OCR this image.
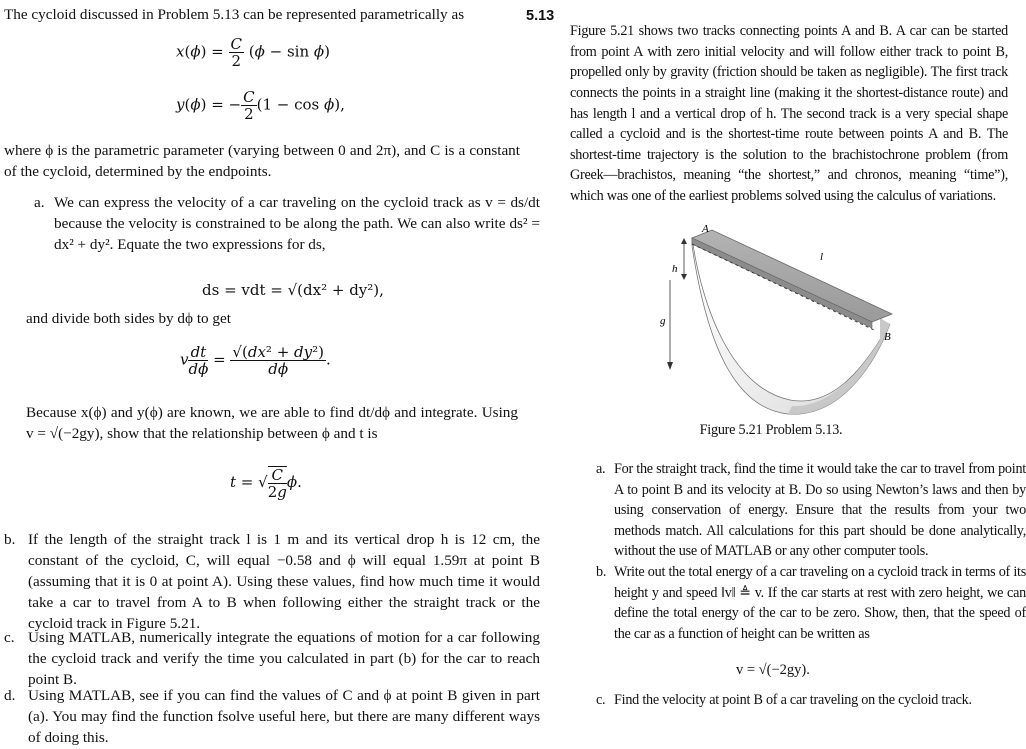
The cycloid discussed in Problem 5.13 can be represented parametrically as

$x(\phi) = \frac{C}{2} (\phi - \sin \phi)$
y(ϕ) = − $\frac{C}{2} (1 - \cos \phi)$,

where ϕ is the parametric parameter (varying between 0 and 2π), and C is a constant of the cycloid, determined by the endpoints.

a. We can express the velocity of a car traveling on the cycloid track as v = ds/dt because the velocity is constrained to be along the path. We can also write ds² = dx² + dy². Equate the two expressions for ds,
ds = vdt = √(dx² + dy²),

and divide both sides by dϕ to get

v $\frac{dt}{d\phi} = \frac{\text{√(dx² + dy²)}}{d\phi}$ .

Because x(ϕ) and y(ϕ) are known, we are able to find dt/dϕ and integrate. Using v = √(−2gy), show that the relationship between ϕ and t is

t = √ $\frac{C}{2g} \phi$.
b. If the length of the straight track l is 1 m and its vertical drop h is 12 cm, the constant of the cycloid, C, will equal −0.58 and ϕ will equal 1.59π at point B (assuming that it is 0 at point A). Using these values, find how much time it would take a car to travel from A to B when following either the straight track or the cycloid track in Figure 5.21.
c. Using MATLAB, numerically integrate the equations of motion for a car following the cycloid track and verify the time you calculated in part (b) for the car to reach point B.
d. Using MATLAB, see if you can find the values of C and ϕ at point B given in part (a). You may find the function fsolve useful here, but there are many different ways of doing this.
5.13

Figure 5.21 shows two tracks connecting points A and B. A car can be started from point A with zero initial velocity and will follow either track to point B, propelled only by gravity (friction should be taken as negligible). The first track connects the points in a straight line (making it the shortest-distance route) and has length l and a vertical drop of h. The second track is a very special shape called a cycloid and is the shortest-time route between points A and B. The shortest-time trajectory is the solution to the brachistochrone problem (from Greek—brachistos, meaning “the shortest,” and chronos, meaning “time”), which was one of the earliest problems solved using the calculus of variations.

A
B
h
l
g
Figure 5.21 Problem 5.13.
a. For the straight track, find the time it would take the car to travel from point A to point B and its velocity at B. Do so using Newton’s laws and then by using conservation of energy. Ensure that the results from your two methods match. All calculations for this part should be done analytically, without the use of MATLAB or any other computer tools.
b. Write out the total energy of a car traveling on a cycloid track in terms of its height y and speed ‖v‖ ≜ v. If the car starts at rest with zero height, we can define the total energy of the car to be zero. Show, then, that the speed of the car as a function of height can be written as
v = √(−2gy).
c. Find the velocity at point B of a car traveling on the cycloid track.
